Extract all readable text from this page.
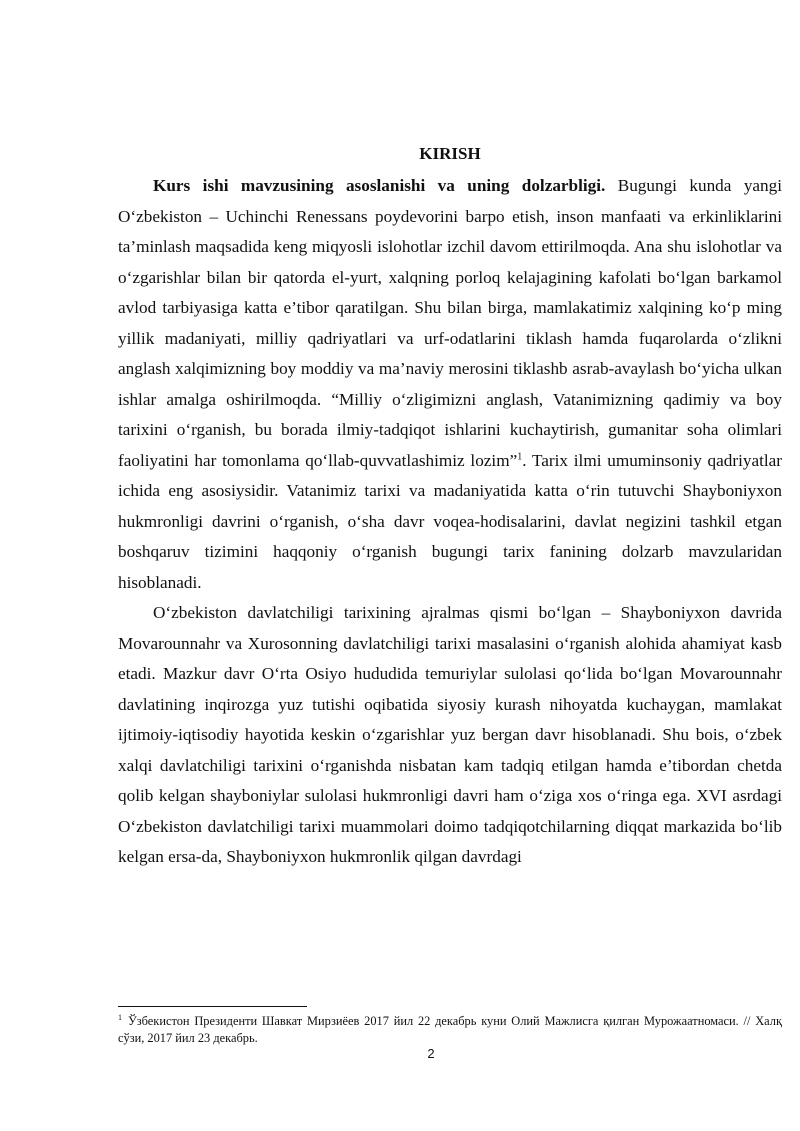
KIRISH

Kurs ishi mavzusining asoslanishi va uning dolzarbligi. Bugungi kunda yangi O‘zbekiston – Uchinchi Renessans poydevorini barpo etish, inson manfaati va erkinliklarini ta’minlash maqsadida keng miqyosli islohotlar izchil davom ettirilmoqda. Ana shu islohotlar va o‘zgarishlar bilan bir qatorda el-yurt, xalqning porloq kelajagining kafolati bo‘lgan barkamol avlod tarbiyasiga katta e’tibor qaratilgan. Shu bilan birga, mamlakatimiz xalqining ko‘p ming yillik madaniyati, milliy qadriyatlari va urf-odatlarini tiklash hamda fuqarolarda o‘zlikni anglash xalqimizning boy moddiy va ma’naviy merosini tiklashb asrab-avaylash bo‘yicha ulkan ishlar amalga oshirilmoqda. “Milliy o‘zligimizni anglash, Vatanimizning qadimiy va boy tarixini o‘rganish, bu borada ilmiy-tadqiqot ishlarini kuchaytirish, gumanitar soha olimlari faoliyatini har tomonlama qo‘llab-quvvatlashimiz lozim”$^1$. Tarix ilmi umuminsoniy qadriyatlar ichida eng asosiysidir. Vatanimiz tarixi va madaniyatida katta o‘rin tutuvchi Shayboniyxon hukmronligi davrini o‘rganish, o‘sha davr voqea-hodisalarini, davlat negizini tashkil etgan boshqaruv tizimini haqqoniy o‘rganish bugungi tarix fanining dolzarb mavzularidan hisoblanadi.

O‘zbekiston davlatchiligi tarixining ajralmas qismi bo‘lgan – Shayboniyxon davrida Movarounnahr va Xurosonning davlatchiligi tarixi masalasini o‘rganish alohida ahamiyat kasb etadi. Mazkur davr O‘rta Osiyo hududida temuriylar sulolasi qo‘lida bo‘lgan Movarounnahr davlatining inqirozga yuz tutishi oqibatida siyosiy kurash nihoyatda kuchaygan, mamlakat ijtimoiy-iqtisodiy hayotida keskin o‘zgarishlar yuz bergan davr hisoblanadi. Shu bois, o‘zbek xalqi davlatchiligi tarixini o‘rganishda nisbatan kam tadqiq etilgan hamda e’tibordan chetda qolib kelgan shayboniylar sulolasi hukmronligi davri ham o‘ziga xos o‘ringa ega. XVI asrdagi O‘zbekiston davlatchiligi tarixi muammolari doimo tadqiqotchilarning diqqat markazida bo‘lib kelgan ersa-da, Shayboniyxon hukmronlik qilgan davrdagi

$^1$ Ўзбекистон Президенти Шавкат Мирзиёев 2017 йил 22 декабрь куни Олий Мажлисга қилган Мурожаатномаси. // Халқ сўзи, 2017 йил 23 декабрь.

2
